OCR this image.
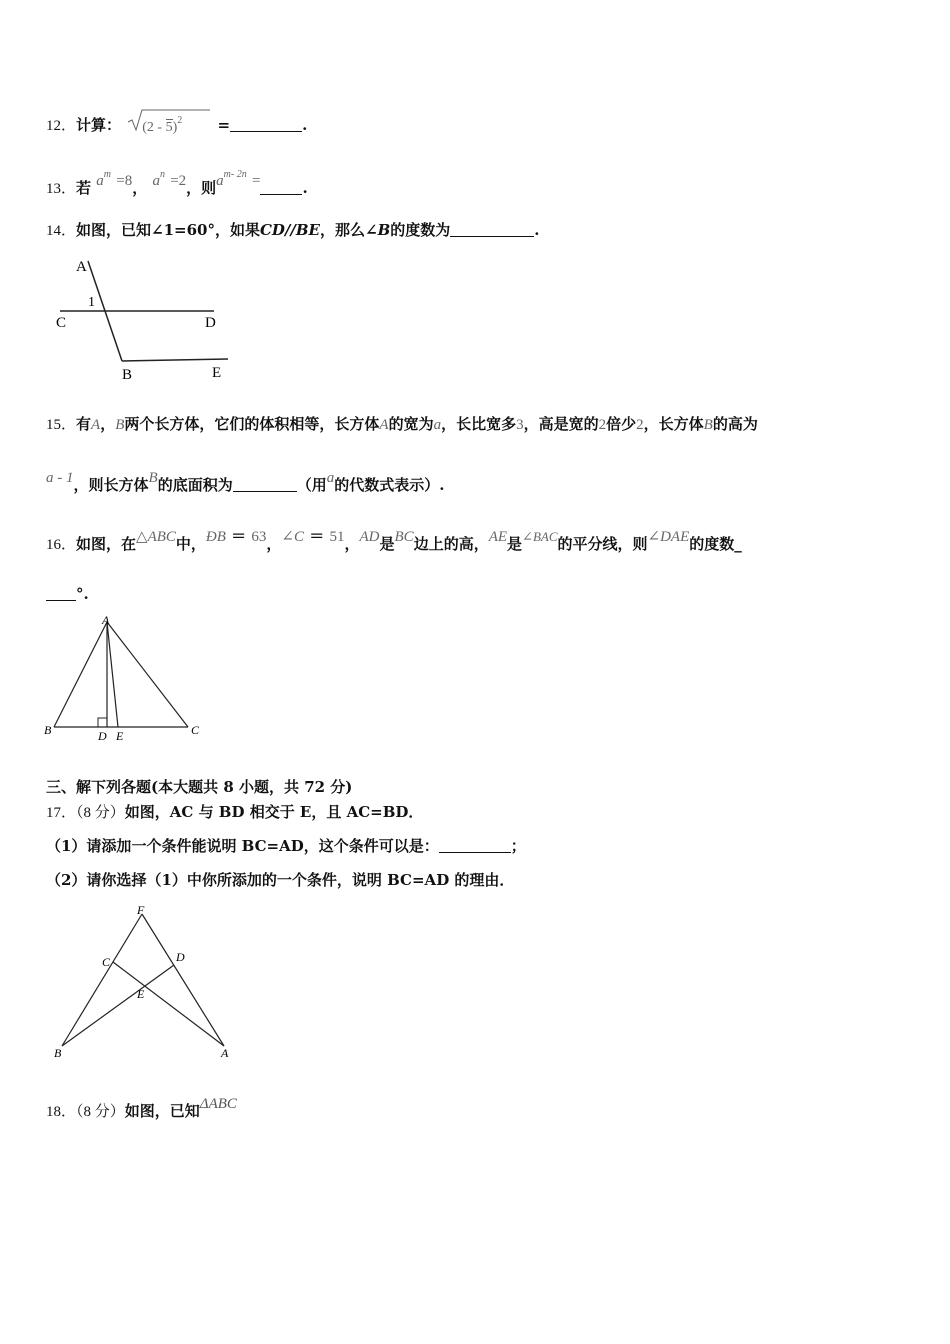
12．计算： (2 - 5)$^2$ =	.
13．若 $a^m =8$， $a^n =2$，则$a^{m- 2n}$ =	.
14．如图，已知∠1=60°，如果CD//BE，那么∠B的度数为	.
A
1
C	D
B	E
15．有A，B两个长方体，它们的体积相等，长方体A的宽为a，长比宽多3，高是宽的2倍少2，长方体B的高为
a - 1，则长方体B的底面积为	（用a的代数式表示）.
16．如图，在△ABC中，ÐB ＝ 63，∠C ＝ 51，AD是BC边上的高，AE是∠BAC的平分线，则∠DAE的度数_
°.
A
B	D E	C
三、解下列各题(本大题共 8 小题，共 72 分)
17．（8 分）如图，AC 与 BD 相交于 E，且 AC=BD．
（1）请添加一个条件能说明 BC=AD，这个条件可以是：	；
（2）请你选择（1）中你所添加的一个条件，说明 BC=AD 的理由．
F
C	D
E
B	A
18．（8 分）如图，已知ΔABC
